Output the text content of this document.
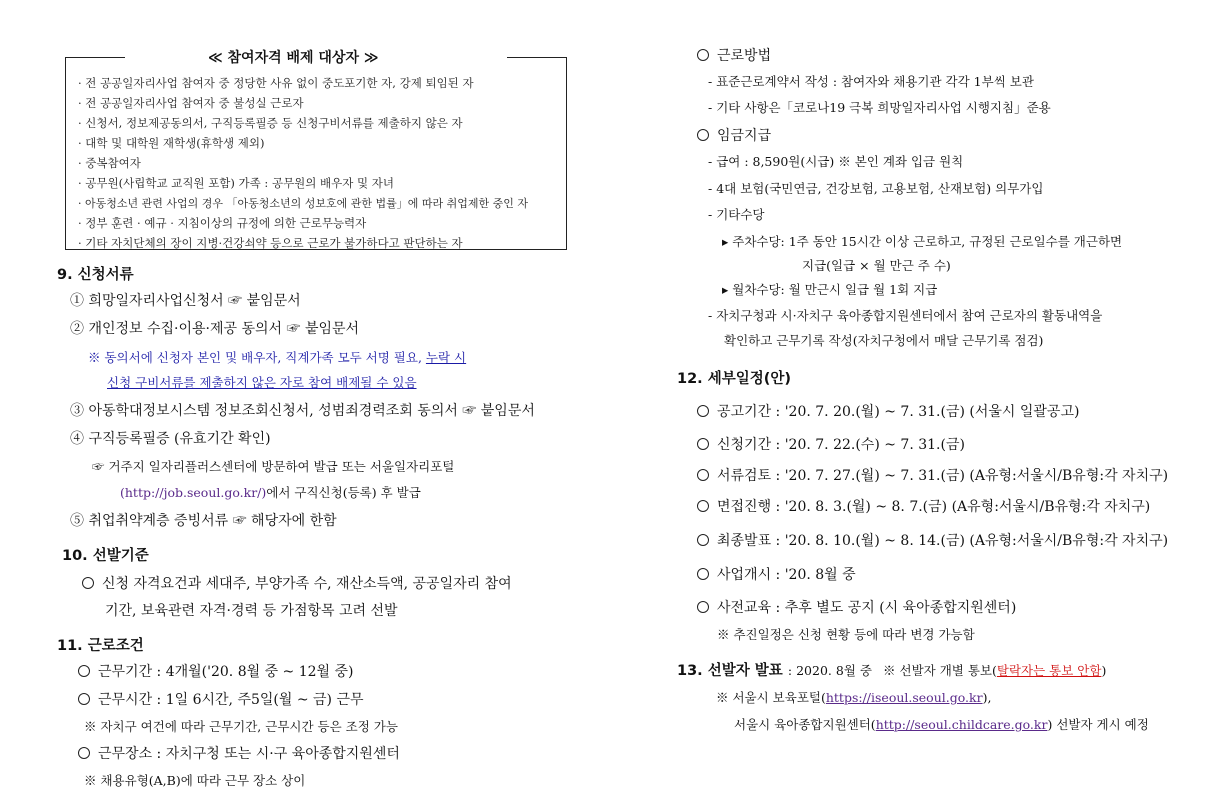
≪ 참여자격 배제 대상자 ≫
· 전 공공일자리사업 참여자 중 정당한 사유 없이 중도포기한 자, 강제 퇴임된 자
· 전 공공일자리사업 참여자 중 불성실 근로자
· 신청서, 정보제공동의서, 구직등록필증 등 신청구비서류를 제출하지 않은 자
· 대학 및 대학원 재학생(휴학생 제외)
· 중복참여자
· 공무원(사립학교 교직원 포함) 가족 : 공무원의 배우자 및 자녀
· 아동청소년 관련 사업의 경우 「아동청소년의 성보호에 관한 법률」에 따라 취업제한 중인 자
· 정부 훈련 · 예규 · 지침이상의 규정에 의한 근로무능력자
· 기타 자치단체의 장이 지병·건강쇠약 등으로 근로가 불가하다고 판단하는 자
9. 신청서류
① 희망일자리사업신청서 ☞ 붙임문서
② 개인정보 수집·이용·제공 동의서 ☞ 붙임문서
※ 동의서에 신청자 본인 및 배우자, 직계가족 모두 서명 필요, 누락 시
신청 구비서류를 제출하지 않은 자로 참여 배제될 수 있음
③ 아동학대정보시스템 정보조회신청서, 성범죄경력조회 동의서 ☞ 붙임문서
④ 구직등록필증 (유효기간 확인)
☞ 거주지 일자리플러스센터에 방문하여 발급 또는 서울일자리포털
(http://job.seoul.go.kr/)에서 구직신청(등록) 후 발급
⑤ 취업취약계층 증빙서류 ☞ 해당자에 한함
10. 선발기준
신청 자격요건과 세대주, 부양가족 수, 재산소득액, 공공일자리 참여
기간, 보육관련 자격·경력 등 가점항목 고려 선발
11. 근로조건
근무기간 : 4개월('20. 8월 중 ~ 12월 중)
근무시간 : 1일 6시간, 주5일(월 ~ 금) 근무
※ 자치구 여건에 따라 근무기간, 근무시간 등은 조정 가능
근무장소 : 자치구청 또는 시·구 육아종합지원센터
※ 채용유형(A,B)에 따라 근무 장소 상이
근로방법
- 표준근로계약서 작성 : 참여자와 채용기관 각각 1부씩 보관
- 기타 사항은「코로나19 극복 희망일자리사업 시행지침」준용
임금지급
- 급여 : 8,590원(시급) ※ 본인 계좌 입금 원칙
- 4대 보험(국민연금, 건강보험, 고용보험, 산재보험) 의무가입
- 기타수당
▸ 주차수당: 1주 동안 15시간 이상 근로하고, 규정된 근로일수를 개근하면
지급(일급 × 월 만근 주 수)
▸ 월차수당: 월 만근시 일급 월 1회 지급
- 자치구청과 시·자치구 육아종합지원센터에서 참여 근로자의 활동내역을
확인하고 근무기록 작성(자치구청에서 매달 근무기록 점검)
12. 세부일정(안)
공고기간 : '20. 7. 20.(월) ~ 7. 31.(금) (서울시 일괄공고)
신청기간 : '20. 7. 22.(수) ~ 7. 31.(금)
서류검토 : '20. 7. 27.(월) ~ 7. 31.(금) (A유형:서울시/B유형:각 자치구)
면접진행 : '20. 8. 3.(월) ~ 8. 7.(금) (A유형:서울시/B유형:각 자치구)
최종발표 : '20. 8. 10.(월) ~ 8. 14.(금) (A유형:서울시/B유형:각 자치구)
사업개시 : '20. 8월 중
사전교육 : 추후 별도 공지 (시 육아종합지원센터)
※ 추진일정은 신청 현황 등에 따라 변경 가능함
13. 선발자 발표 : 2020. 8월 중 ※ 선발자 개별 통보(탈락자는 통보 안함)
※ 서울시 보육포털(https://iseoul.seoul.go.kr),
서울시 육아종합지원센터(http://seoul.childcare.go.kr) 선발자 게시 예정
